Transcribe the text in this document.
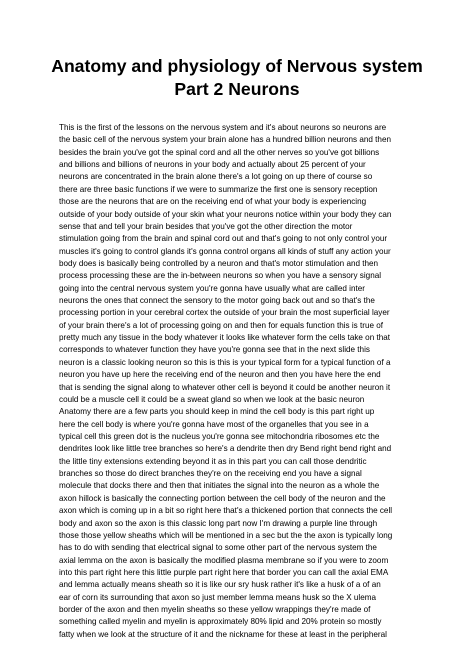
Anatomy and physiology of Nervous system
Part 2 Neurons
This is the first of the lessons on the nervous system and it's about neurons so neurons are
the basic cell of the nervous system your brain alone has a hundred billion neurons and then
besides the brain you've got the spinal cord and all the other nerves so you've got billions
and billions and billions of neurons in your body and actually about 25 percent of your
neurons are concentrated in the brain alone there's a lot going on up there of course so
there are three basic functions if we were to summarize the first one is sensory reception
those are the neurons that are on the receiving end of what your body is experiencing
outside of your body outside of your skin what your neurons notice within your body they can
sense that and tell your brain besides that you've got the other direction the motor
stimulation going from the brain and spinal cord out and that's going to not only control your
muscles it's going to control glands it's gonna control organs all kinds of stuff any action your
body does is basically being controlled by a neuron and that's motor stimulation and then
process processing these are the in-between neurons so when you have a sensory signal
going into the central nervous system you're gonna have usually what are called inter
neurons the ones that connect the sensory to the motor going back out and so that's the
processing portion in your cerebral cortex the outside of your brain the most superficial layer
of your brain there's a lot of processing going on and then for equals function this is true of
pretty much any tissue in the body whatever it looks like whatever form the cells take on that
corresponds to whatever function they have you're gonna see that in the next slide this
neuron is a classic looking neuron so this is this is your typical form for a typical function of a
neuron you have up here the receiving end of the neuron and then you have here the end
that is sending the signal along to whatever other cell is beyond it could be another neuron it
could be a muscle cell it could be a sweat gland so when we look at the basic neuron
Anatomy there are a few parts you should keep in mind the cell body is this part right up
here the cell body is where you're gonna have most of the organelles that you see in a
typical cell this green dot is the nucleus you're gonna see mitochondria ribosomes etc the
dendrites look like little tree branches so here's a dendrite then dry Bend right bend right and
the little tiny extensions extending beyond it as in this part you can call those dendritic
branches so those do direct branches they're on the receiving end you have a signal
molecule that docks there and then that initiates the signal into the neuron as a whole the
axon hillock is basically the connecting portion between the cell body of the neuron and the
axon which is coming up in a bit so right here that's a thickened portion that connects the cell
body and axon so the axon is this classic long part now I'm drawing a purple line through
those those yellow sheaths which will be mentioned in a sec but the the axon is typically long
has to do with sending that electrical signal to some other part of the nervous system the
axial lemma on the axon is basically the modified plasma membrane so if you were to zoom
into this part right here this little purple part right here that border you can call the axial EMA
and lemma actually means sheath so it is like our sry husk rather it's like a husk of a of an
ear of corn its surrounding that axon so just member lemma means husk so the X ulema
border of the axon and then myelin sheaths so these yellow wrappings they're made of
something called myelin and myelin is approximately 80% lipid and 20% protein so mostly
fatty when we look at the structure of it and the nickname for these at least in the peripheral
